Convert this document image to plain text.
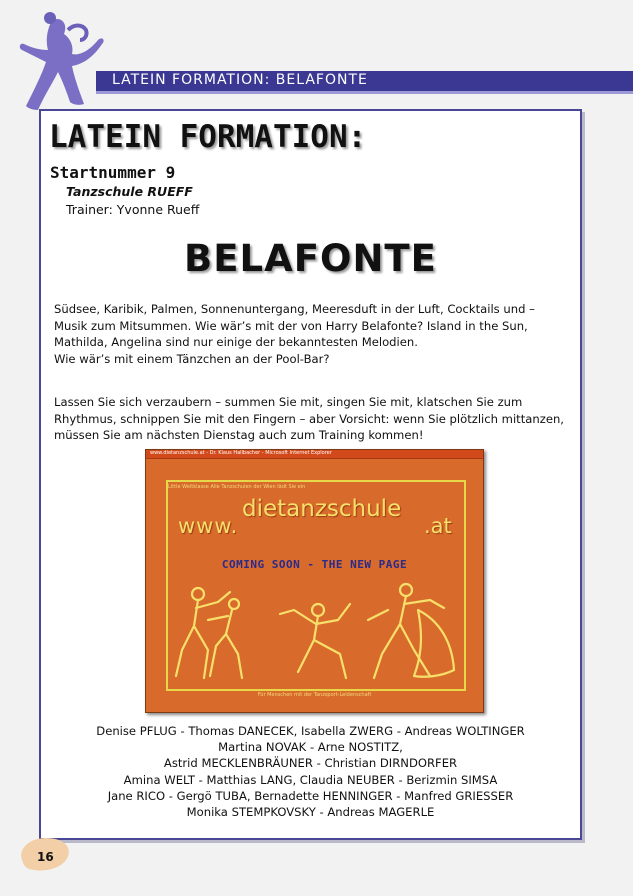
LATEIN FORMATION: BELAFONTE
LATEIN FORMATION:
Startnummer 9
Tanzschule RUEFF
Trainer: Yvonne Rueff
BELAFONTE

Südsee, Karibik, Palmen, Sonnenuntergang, Meeresduft in der Luft, Cocktails und –
Musik zum Mitsummen. Wie wär’s mit der von Harry Belafonte? Island in the Sun,
Mathilda, Angelina sind nur einige der bekanntesten Melodien.
Wie wär’s mit einem Tänzchen an der Pool-Bar?

Lassen Sie sich verzaubern – summen Sie mit, singen Sie mit, klatschen Sie zum
Rhythmus, schnippen Sie mit den Fingern – aber Vorsicht: wenn Sie plötzlich mittanzen,
müssen Sie am nächsten Dienstag auch zum Training kommen!

www.dietanzschule.at - Dr. Klaus Hallbacher - Microsoft Internet Explorer
Little Weltklasse Alle Tanzschulen der Wien lädt Sie ein
www.
dietanzschule
.at
COMING SOON - THE NEW PAGE
Für Menschen mit der Tanzsport-Leidenschaft
Denise PFLUG - Thomas DANECEK, Isabella ZWERG - Andreas WOLTINGER
Martina NOVAK - Arne NOSTITZ,
Astrid MECKLENBRÄUNER - Christian DIRNDORFER
Amina WELT - Matthias LANG, Claudia NEUBER - Berizmin SIMSA
Jane RICO - Gergö TUBA, Bernadette HENNINGER - Manfred GRIESSER
Monika STEMPKOVSKY - Andreas MAGERLE
16
